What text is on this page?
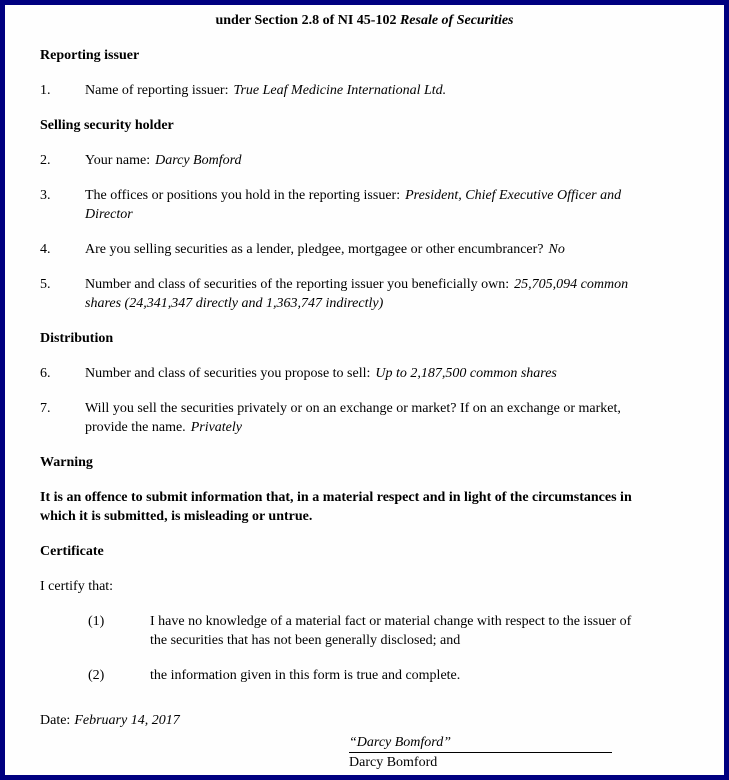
under Section 2.8 of NI 45-102 Resale of Securities
Reporting issuer
1. Name of reporting issuer: True Leaf Medicine International Ltd.
Selling security holder
2. Your name: Darcy Bomford
3. The offices or positions you hold in the reporting issuer: President, Chief Executive Officer and Director
4. Are you selling securities as a lender, pledgee, mortgagee or other encumbrancer? No
5. Number and class of securities of the reporting issuer you beneficially own: 25,705,094 common shares (24,341,347 directly and 1,363,747 indirectly)
Distribution
6. Number and class of securities you propose to sell: Up to 2,187,500 common shares
7. Will you sell the securities privately or on an exchange or market? If on an exchange or market, provide the name. Privately
Warning
It is an offence to submit information that, in a material respect and in light of the circumstances in which it is submitted, is misleading or untrue.
Certificate
I certify that:
(1)	I have no knowledge of a material fact or material change with respect to the issuer of the securities that has not been generally disclosed; and
(2)	the information given in this form is true and complete.
Date: February 14, 2017
“Darcy Bomford”
Darcy Bomford
